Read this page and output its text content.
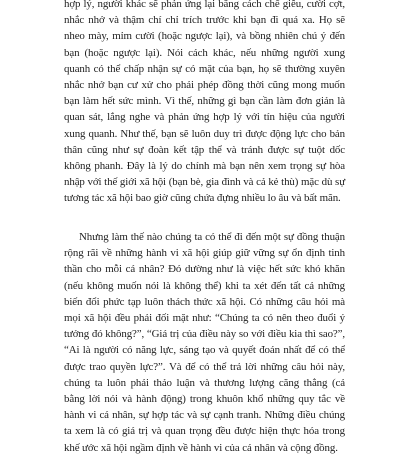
hợp lý, người khác sẽ phản ứng lại bằng cách chế giễu, cười cợt, nhắc nhở và thậm chí chỉ trích trước khi bạn đi quá xa. Họ sẽ nheo mày, mỉm cười (hoặc ngược lại), và bồng nhiên chú ý đến bạn (hoặc ngược lại). Nói cách khác, nếu những người xung quanh có thể chấp nhận sự có mặt của bạn, họ sẽ thường xuyên nhắc nhở bạn cư xử cho phải phép đồng thời cũng mong muốn bạn làm hết sức mình. Vì thế, những gì bạn cần làm đơn giản là quan sát, lắng nghe và phản ứng hợp lý với tín hiệu của người xung quanh. Như thế, bạn sẽ luôn duy trì được động lực cho bản thân cũng như sự đoàn kết tập thể và tránh được sự tuột dốc không phanh. Đây là lý do chính mà bạn nên xem trọng sự hòa nhập với thế giới xã hội (bạn bè, gia đình và cả kẻ thù) mặc dù sự tương tác xã hội bao giờ cũng chứa đựng nhiều lo âu và bất mãn.

Nhưng làm thế nào chúng ta có thể đi đến một sự đồng thuận rộng rãi về những hành vi xã hội giúp giữ vững sự ổn định tinh thần cho mỗi cá nhân? Đó dường như là việc hết sức khó khăn (nếu không muốn nói là không thể) khi ta xét đến tất cả những biến đổi phức tạp luôn thách thức xã hội. Có những câu hỏi mà mọi xã hội đều phải đối mặt như: “Chúng ta có nên theo đuổi ý tưởng đó không?”, “Giá trị của điều này so với điều kia thì sao?”, “Ai là người có năng lực, sáng tạo và quyết đoán nhất để có thể được trao quyền lực?”. Và để có thể trả lời những câu hỏi này, chúng ta luôn phải thảo luận và thương lượng căng thẳng (cả bằng lời nói và hành động) trong khuôn khổ những quy tắc về hành vi cá nhân, sự hợp tác và sự cạnh tranh. Những điều chúng ta xem là có giá trị và quan trọng đều được hiện thực hóa trong khế ước xã hội ngầm định về hành vi của cá nhân và cộng đồng.
